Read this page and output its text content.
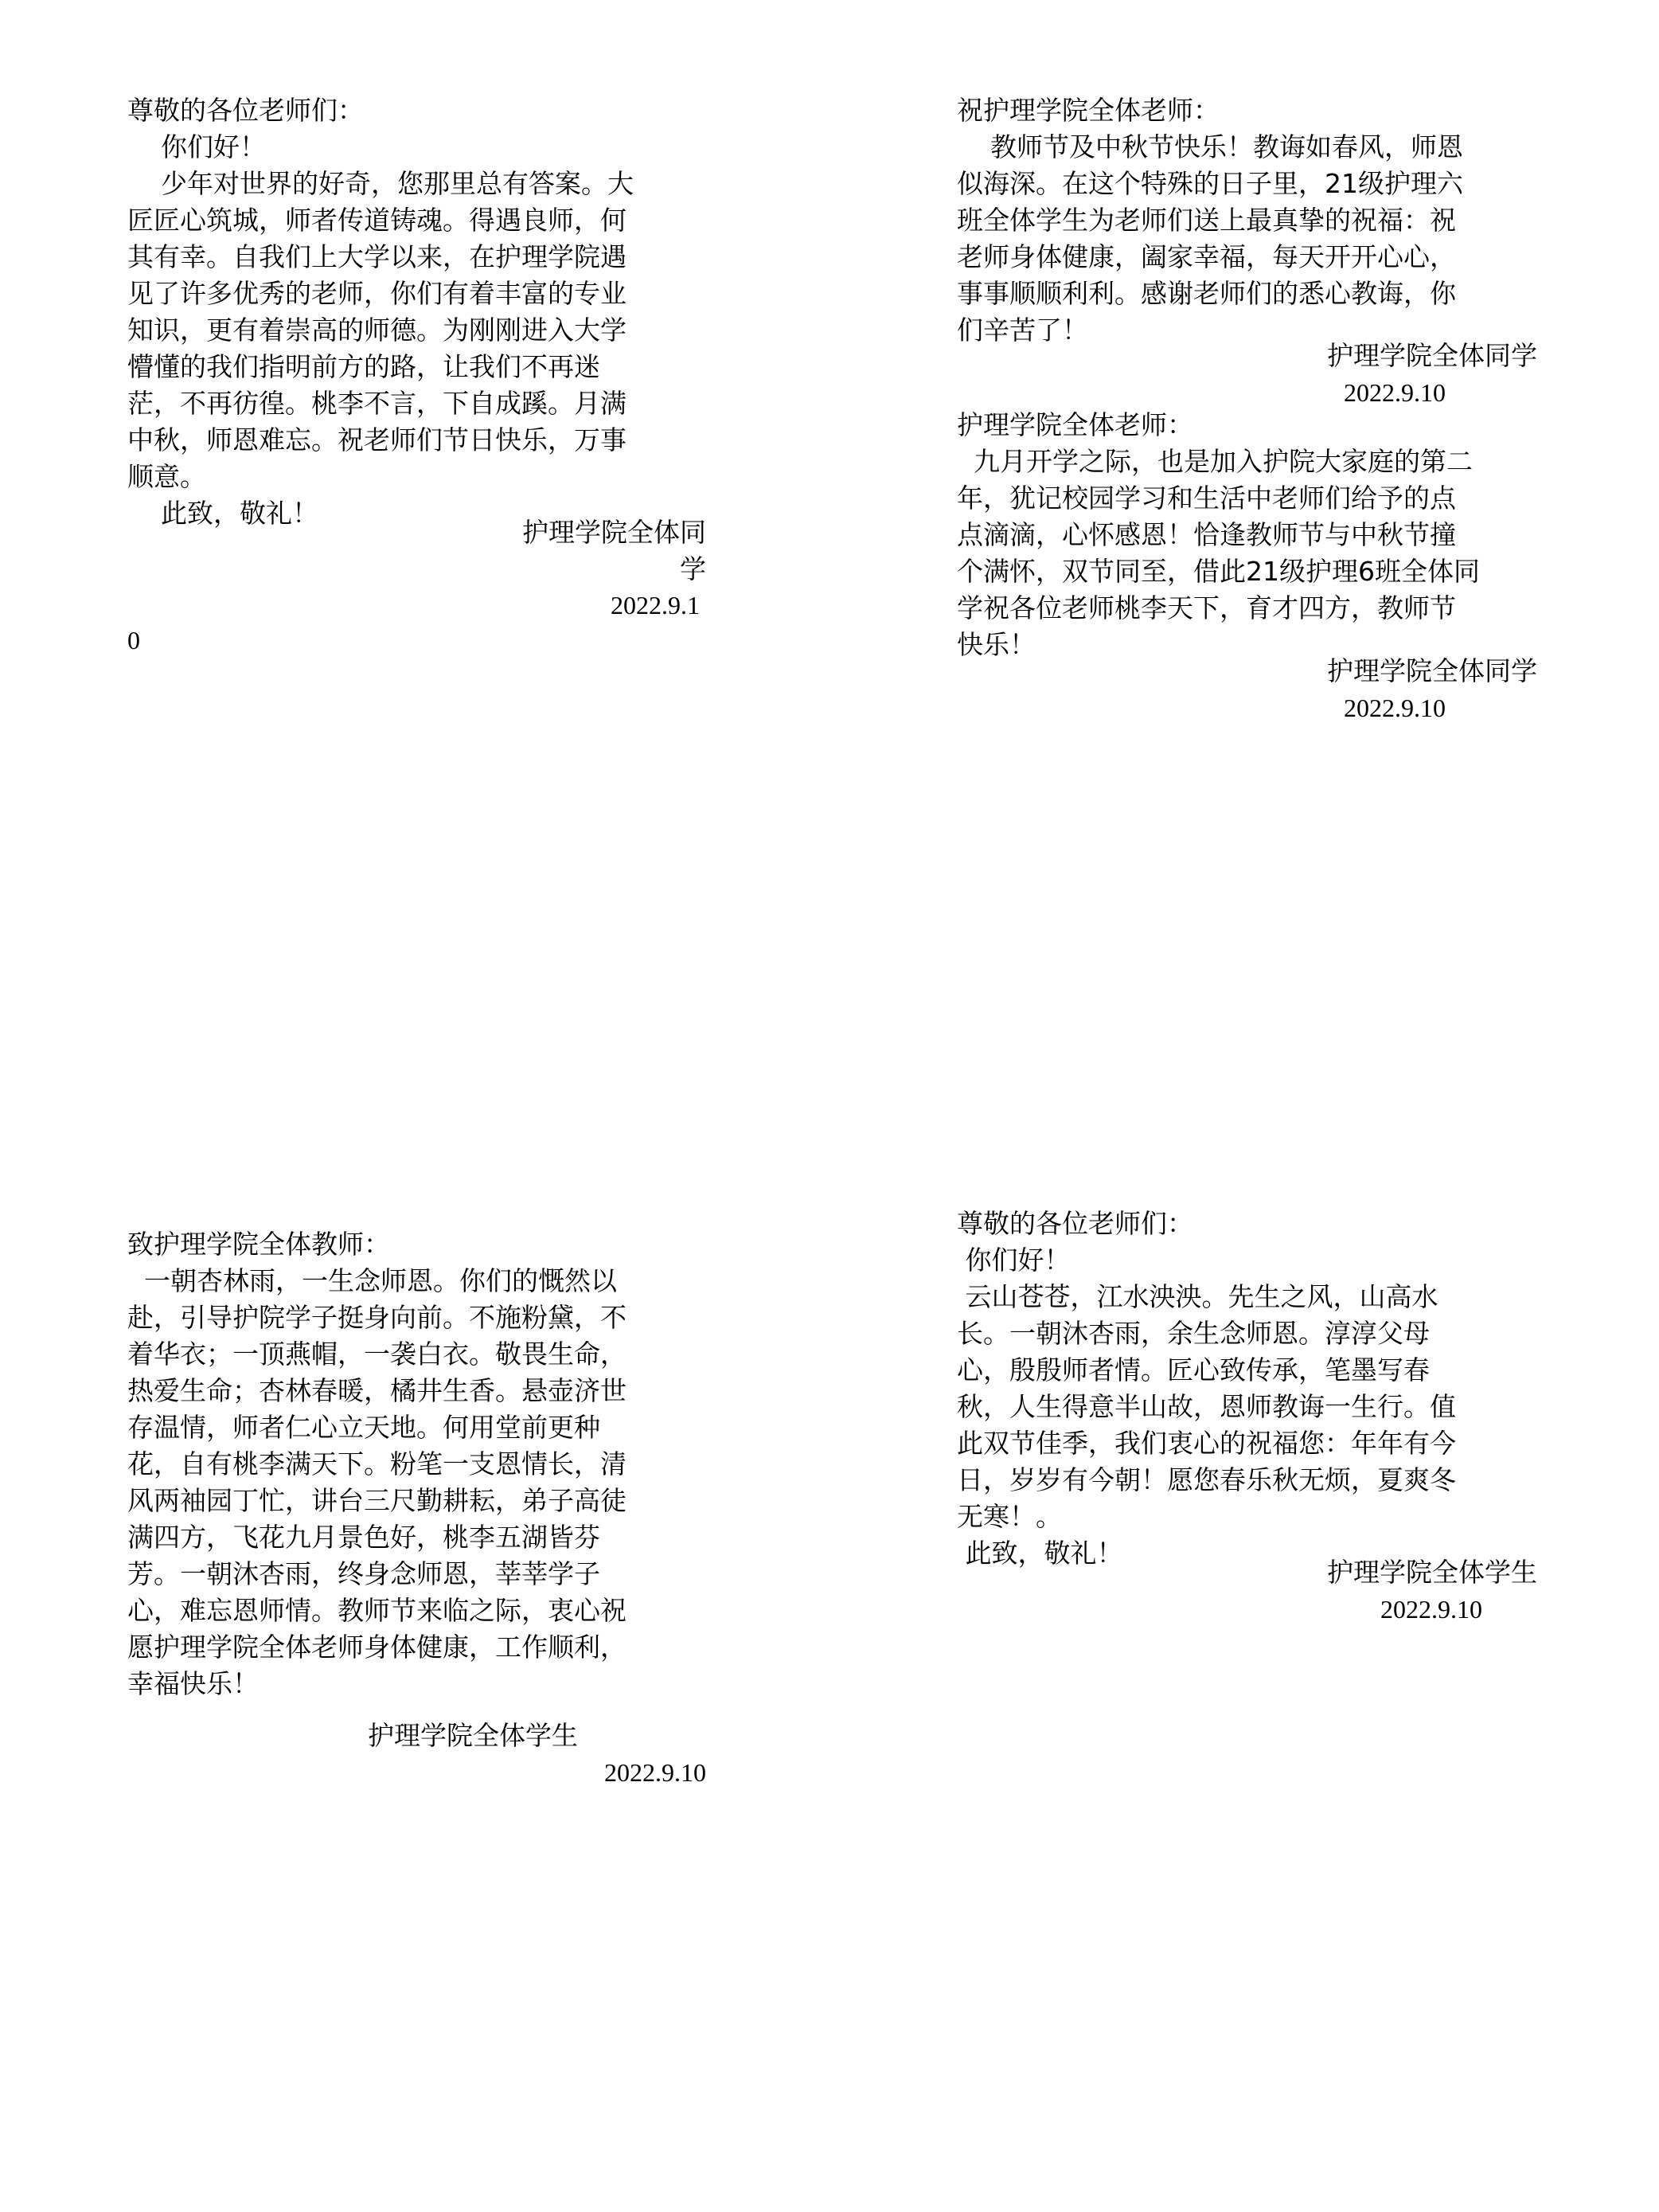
尊敬的各位老师们：
你们好！
少年对世界的好奇，您那里总有答案。大
匠匠心筑城，师者传道铸魂。得遇良师，何
其有幸。自我们上大学以来，在护理学院遇
见了许多优秀的老师，你们有着丰富的专业
知识，更有着崇高的师德。为刚刚进入大学
懵懂的我们指明前方的路，让我们不再迷
茫，不再彷徨。桃李不言，下自成蹊。月满
中秋，师恩难忘。祝老师们节日快乐，万事
顺意。
此致，敬礼！
护理学院全体同
学
2022.9.1
0
祝护理学院全体老师：
教师节及中秋节快乐！教诲如春风，师恩
似海深。在这个特殊的日子里，21级护理六
班全体学生为老师们送上最真挚的祝福：祝
老师身体健康，阖家幸福，每天开开心心，
事事顺顺利利。感谢老师们的悉心教诲，你
们辛苦了！
护理学院全体同学
2022.9.10
护理学院全体老师：
九月开学之际，也是加入护院大家庭的第二
年，犹记校园学习和生活中老师们给予的点
点滴滴，心怀感恩！恰逢教师节与中秋节撞
个满怀，双节同至，借此21级护理6班全体同
学祝各位老师桃李天下，育才四方，教师节
快乐！
护理学院全体同学
2022.9.10
致护理学院全体教师：
一朝杏林雨，一生念师恩。你们的慨然以
赴，引导护院学子挺身向前。不施粉黛，不
着华衣；一顶燕帽，一袭白衣。敬畏生命，
热爱生命；杏林春暖，橘井生香。悬壶济世
存温情，师者仁心立天地。何用堂前更种
花，自有桃李满天下。粉笔一支恩情长，清
风两袖园丁忙，讲台三尺勤耕耘，弟子高徒
满四方，飞花九月景色好，桃李五湖皆芬
芳。一朝沐杏雨，终身念师恩，莘莘学子
心，难忘恩师情。教师节来临之际，衷心祝
愿护理学院全体老师身体健康，工作顺利，
幸福快乐！
护理学院全体学生
2022.9.10
尊敬的各位老师们：
你们好！
云山苍苍，江水泱泱。先生之风，山高水
长。一朝沐杏雨，余生念师恩。淳淳父母
心，殷殷师者情。匠心致传承，笔墨写春
秋，人生得意半山故，恩师教诲一生行。值
此双节佳季，我们衷心的祝福您：年年有今
日，岁岁有今朝！愿您春乐秋无烦，夏爽冬
无寒！。
此致，敬礼！
护理学院全体学生
2022.9.10
